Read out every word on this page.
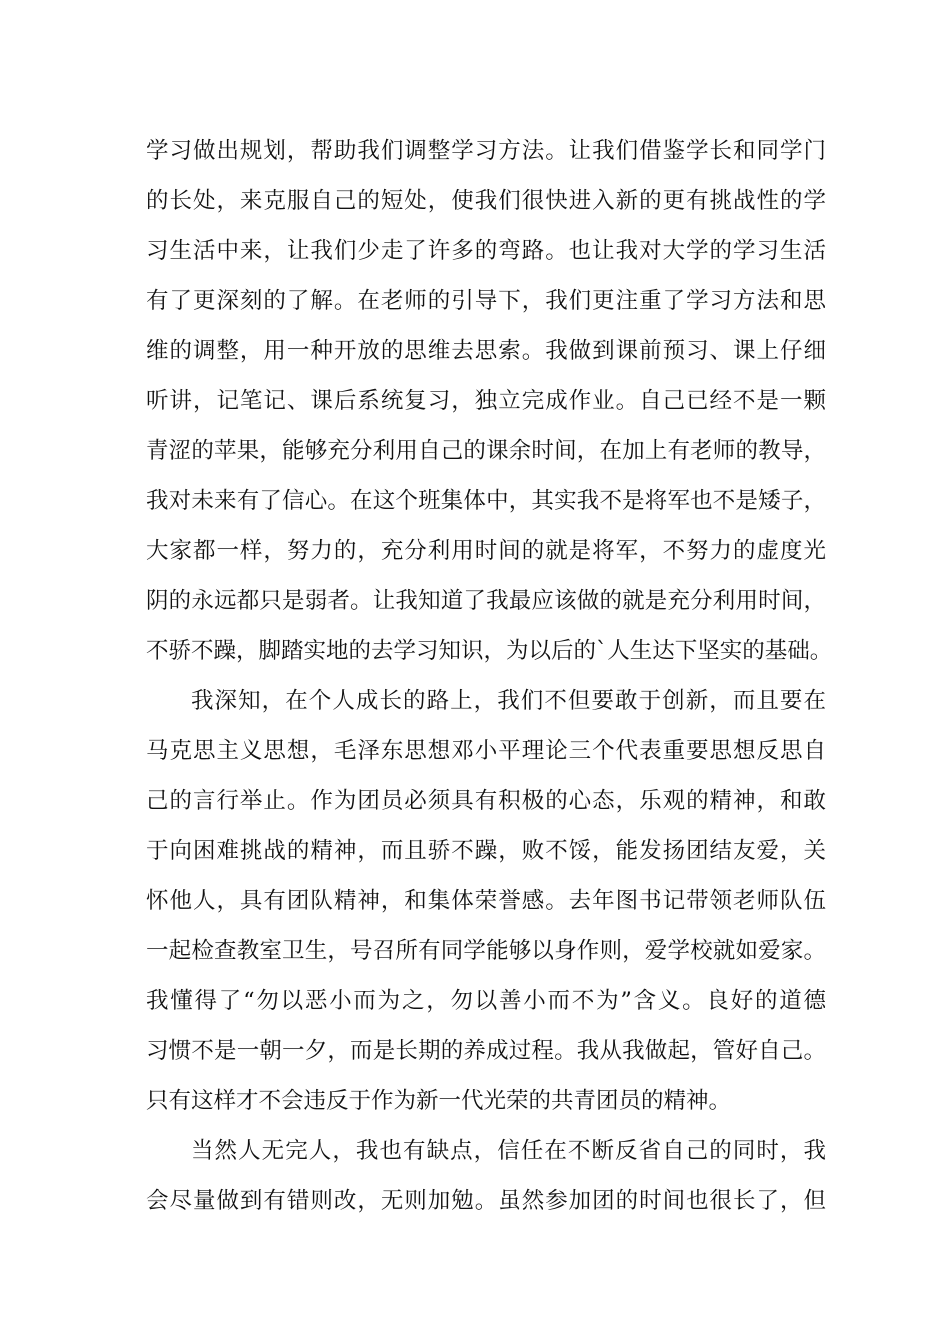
学习做出规划，帮助我们调整学习方法。让我们借鉴学长和同学门
的长处，来克服自己的短处，使我们很快进入新的更有挑战性的学
习生活中来，让我们少走了许多的弯路。也让我对大学的学习生活
有了更深刻的了解。在老师的引导下，我们更注重了学习方法和思
维的调整，用一种开放的思维去思索。我做到课前预习、课上仔细
听讲，记笔记、课后系统复习，独立完成作业。自己已经不是一颗
青涩的苹果，能够充分利用自己的课余时间，在加上有老师的教导，
我对未来有了信心。在这个班集体中，其实我不是将军也不是矮子，
大家都一样，努力的，充分利用时间的就是将军，不努力的虚度光
阴的永远都只是弱者。让我知道了我最应该做的就是充分利用时间，
不骄不躁，脚踏实地的去学习知识，为以后的`人生达下坚实的基础。
我深知，在个人成长的路上，我们不但要敢于创新，而且要在
马克思主义思想，毛泽东思想邓小平理论三个代表重要思想反思自
己的言行举止。作为团员必须具有积极的心态，乐观的精神，和敢
于向困难挑战的精神，而且骄不躁，败不馁，能发扬团结友爱，关
怀他人，具有团队精神，和集体荣誉感。去年图书记带领老师队伍
一起检查教室卫生，号召所有同学能够以身作则，爱学校就如爱家。
我懂得了“勿以恶小而为之，勿以善小而不为”含义。良好的道德
习惯不是一朝一夕，而是长期的养成过程。我从我做起，管好自己。
只有这样才不会违反于作为新一代光荣的共青团员的精神。
当然人无完人，我也有缺点，信任在不断反省自己的同时，我
会尽量做到有错则改，无则加勉。虽然参加团的时间也很长了，但
